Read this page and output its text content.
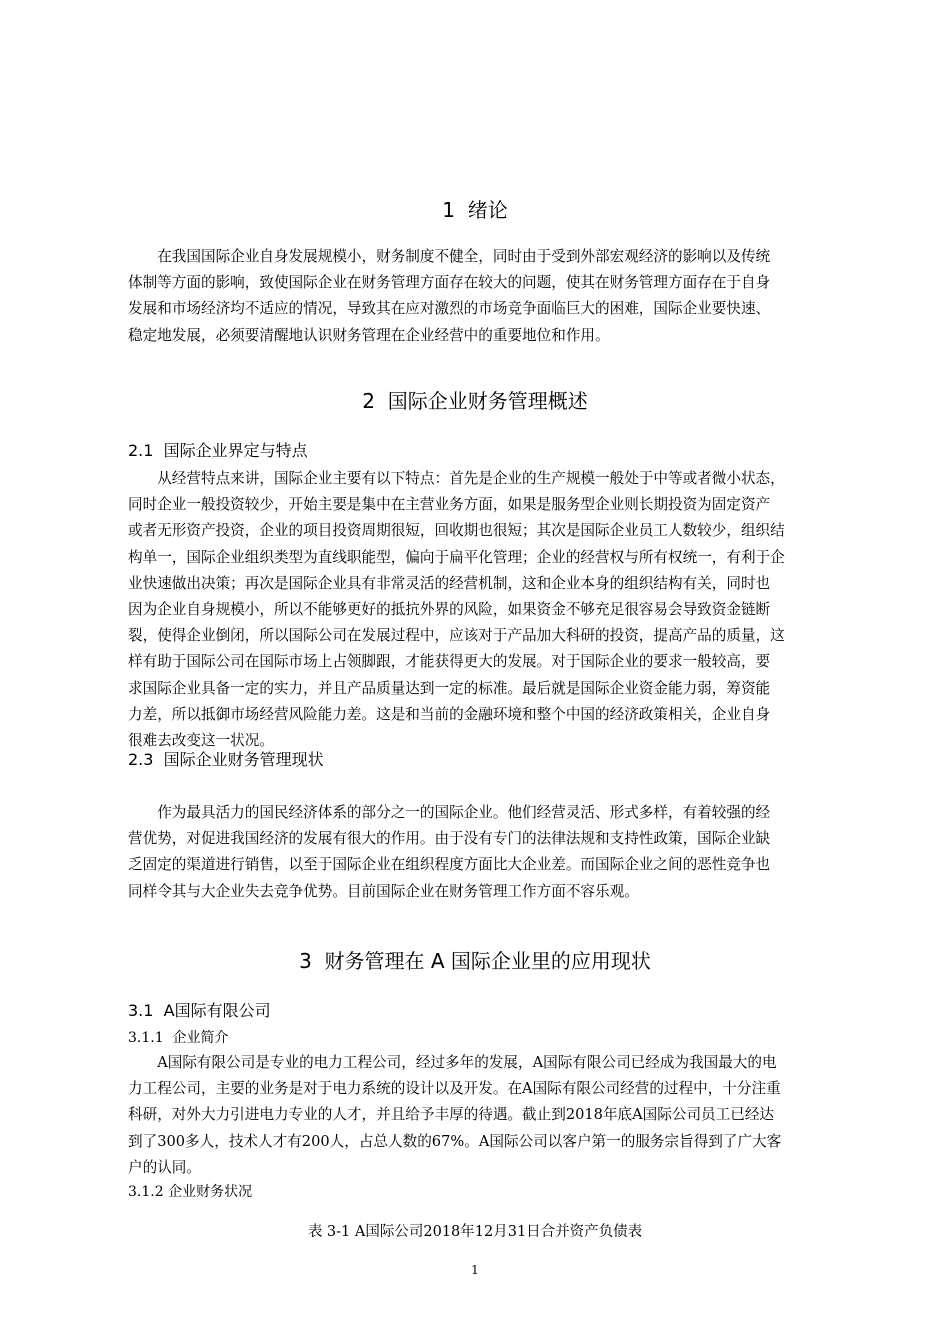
1  绪论
　　在我国国际企业自身发展规模小，财务制度不健全，同时由于受到外部宏观经济的影响以及传统
体制等方面的影响，致使国际企业在财务管理方面存在较大的问题，使其在财务管理方面存在于自身
发展和市场经济均不适应的情况，导致其在应对激烈的市场竞争面临巨大的困难，国际企业要快速、
稳定地发展，必须要清醒地认识财务管理在企业经营中的重要地位和作用。
2  国际企业财务管理概述
2.1  国际企业界定与特点
　　从经营特点来讲，国际企业主要有以下特点：首先是企业的生产规模一般处于中等或者微小状态，
同时企业一般投资较少，开始主要是集中在主营业务方面，如果是服务型企业则长期投资为固定资产
或者无形资产投资，企业的项目投资周期很短，回收期也很短；其次是国际企业员工人数较少，组织结
构单一，国际企业组织类型为直线职能型，偏向于扁平化管理；企业的经营权与所有权统一，有利于企
业快速做出决策；再次是国际企业具有非常灵活的经营机制，这和企业本身的组织结构有关，同时也
因为企业自身规模小，所以不能够更好的抵抗外界的风险，如果资金不够充足很容易会导致资金链断
裂，使得企业倒闭，所以国际公司在发展过程中，应该对于产品加大科研的投资，提高产品的质量，这
样有助于国际公司在国际市场上占领脚跟，才能获得更大的发展。对于国际企业的要求一般较高，要
求国际企业具备一定的实力，并且产品质量达到一定的标准。最后就是国际企业资金能力弱，筹资能
力差，所以抵御市场经营风险能力差。这是和当前的金融环境和整个中国的经济政策相关，企业自身
很难去改变这一状况。
2.3  国际企业财务管理现状
　　作为最具活力的国民经济体系的部分之一的国际企业。他们经营灵活、形式多样，有着较强的经
营优势，对促进我国经济的发展有很大的作用。由于没有专门的法律法规和支持性政策，国际企业缺
乏固定的渠道进行销售，以至于国际企业在组织程度方面比大企业差。而国际企业之间的恶性竞争也
同样令其与大企业失去竞争优势。目前国际企业在财务管理工作方面不容乐观。
3  财务管理在 A 国际企业里的应用现状
3.1  A国际有限公司
3.1.1  企业简介
　　A国际有限公司是专业的电力工程公司，经过多年的发展，A国际有限公司已经成为我国最大的电
力工程公司，主要的业务是对于电力系统的设计以及开发。在A国际有限公司经营的过程中，十分注重
科研，对外大力引进电力专业的人才，并且给予丰厚的待遇。截止到2018年底A国际公司员工已经达
到了300多人，技术人才有200人，占总人数的67%。A国际公司以客户第一的服务宗旨得到了广大客
户的认同。
3.1.2 企业财务状况
表 3-1 A国际公司2018年12月31日合并资产负债表
1
